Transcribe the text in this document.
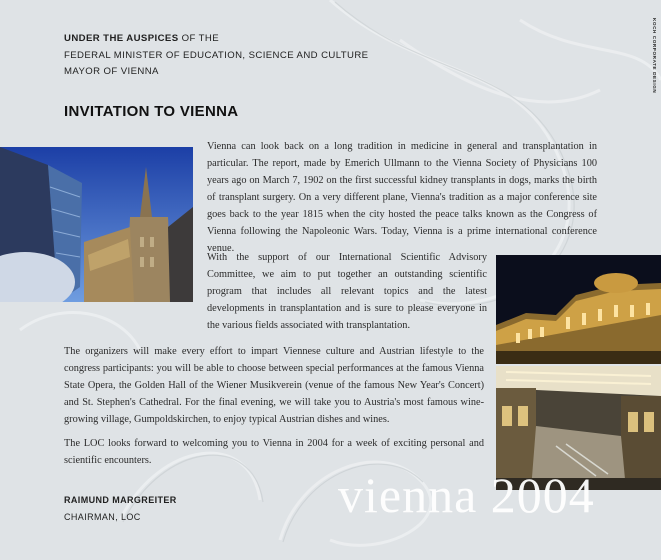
UNDER THE AUSPICES OF THE
FEDERAL MINISTER OF EDUCATION, SCIENCE AND CULTURE
MAYOR OF VIENNA	KOCH CORPORATE DESIGN
INVITATION TO VIENNA

Vienna can look back on a long tradition in medicine in general and transplantation in particular. The report, made by Emerich Ullmann to the Vienna Society of Physicians 100 years ago on March 7, 1902 on the first successful kidney transplants in dogs, marks the birth of transplant surgery. On a very different plane, Vienna's tradition as a major conference site goes back to the year 1815 when the city hosted the peace talks known as the Congress of Vienna following the Napoleonic Wars. Today, Vienna is a prime international conference venue.

With the support of our International Scientific Advisory Committee, we aim to put together an outstanding scientific program that includes all relevant topics and the latest developments in transplantation and is sure to please everyone in the various fields associated with transplantation.

The organizers will make every effort to impart Viennese culture and Austrian lifestyle to the congress participants: you will be able to choose between special performances at the famous Vienna State Opera, the Golden Hall of the Wiener Musikverein (venue of the famous New Year's Concert) and St. Stephen's Cathedral. For the final evening, we will take you to Austria's most famous wine-growing village, Gumpoldskirchen, to enjoy typical Austrian dishes and wines.

The LOC looks forward to welcoming you to Vienna in 2004 for a week of exciting personal and scientific encounters.

RAIMUND MARGREITER
CHAIRMAN, LOC	vienna 2004
